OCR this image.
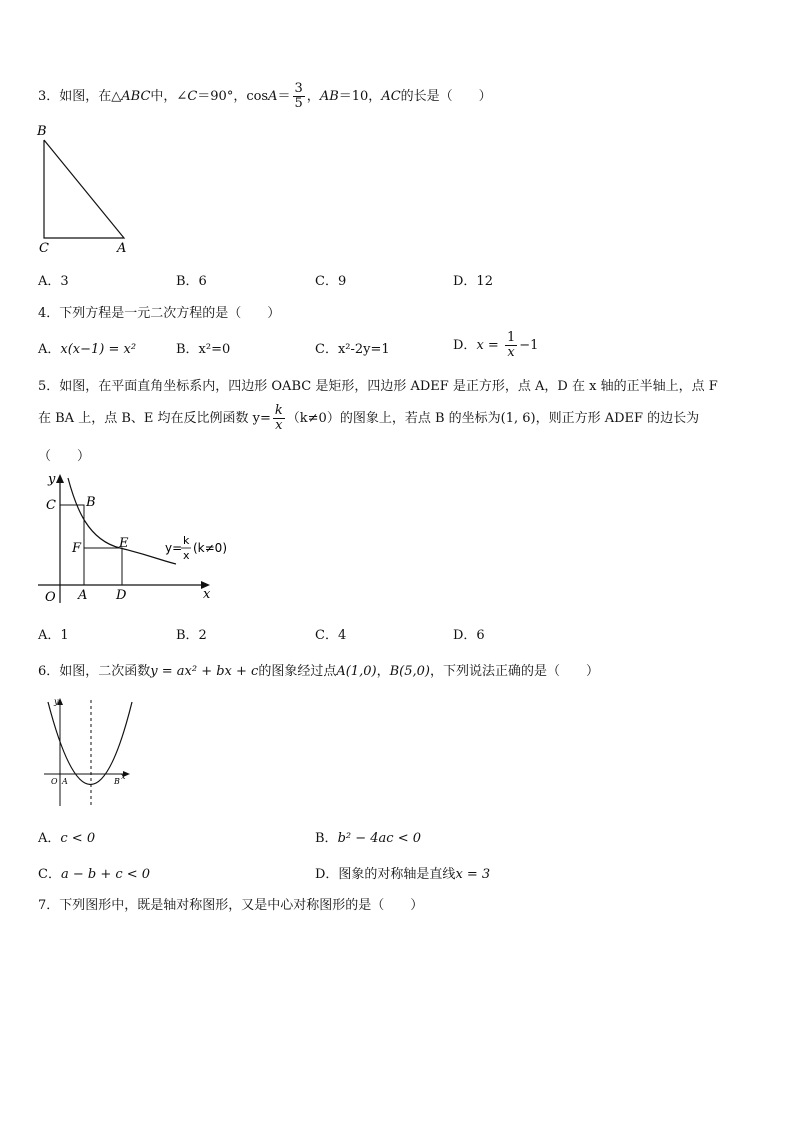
3．如图，在△ABC中，∠C＝90°，$\cos A= \frac{3}{5}$ ，AB＝10，AC的长是（　　）
B
C	A
A．3	B．6	C．9	D．12
4．下列方程是一元二次方程的是（　　）
A．x(x−1) = x²	B．x²=0	C．x²-2y=1	D．$x = \frac{1}{x} -1$
5．如图，在平面直角坐标系内，四边形 OABC 是矩形，四边形 ADEF 是正方形，点 A，D 在 x 轴的正半轴上，点 F
在 BA 上，点 B、E 均在反比例函数 $y= \frac{k}{x} (k\ne 0)$的图象上，若点 B 的坐标为(1, 6)，则正方形 ADEF 的边长为
（　　）
y
C B
F	E
O A D	x
y=
k
x
(k≠0)
A．1	B．2	C．4	D．6
6．如图，二次函数y = ax² + bx + c的图象经过点A(1,0)，B(5,0)，下列说法正确的是（　　）
y
O A	B
x
A．c < 0	B．b² − 4ac < 0
C．a − b + c < 0	D．图象的对称轴是直线x = 3
7．下列图形中，既是轴对称图形，又是中心对称图形的是（　　）
